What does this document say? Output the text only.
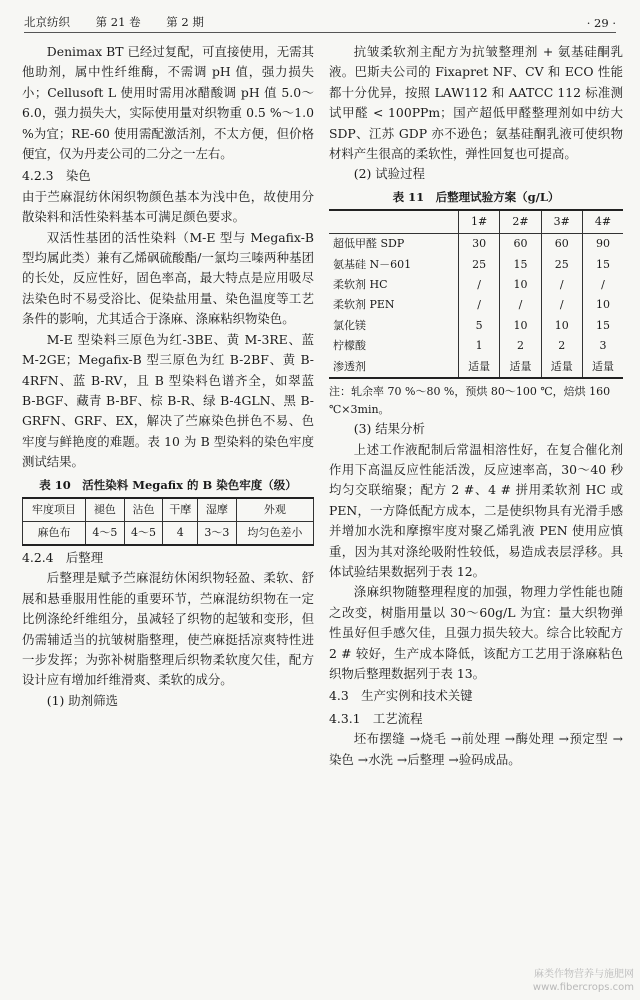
北京纺织 第 21 卷 第 2 期	· 29 ·

Denimax BT 已经过复配，可直接使用，无需其他助剂，属中性纤维酶，不需调 pH 值，强力损失小；Cellusoft L 使用时需用冰醋酸调 pH 值 5.0～6.0，强力损失大，实际使用量对织物重 0.5 %～1.0 %为宜；RE-60 使用需配激活剂，不太方便，但价格便宜，仅为丹麦公司的二分之一左右。

4.2.3　染色

由于苎麻混纺休闲织物颜色基本为浅中色，故使用分散染料和活性染料基本可满足颜色要求。

双活性基团的活性染料（M-E 型与 Megafix-B 型均属此类）兼有乙烯砜硫酸酯/一氯均三嗪两种基团的长处，反应性好，固色率高，最大特点是应用吸尽法染色时不易受浴比、促染盐用量、染色温度等工艺条件的影响，尤其适合于涤麻、涤麻粘织物染色。

M-E 型染料三原色为红-3BE、黄 M-3RE、蓝 M-2GE；Megafix-B 型三原色为红 B-2BF、黄 B-4RFN、蓝 B-RV，且 B 型染料色谱齐全，如翠蓝 B-BGF、藏青 B-BF、棕 B-R、绿 B-4GLN、黑 B-GRFN、GRF、EX，解决了苎麻染色拼色不易、色牢度与鲜艳度的难题。表 10 为 B 型染料的染色牢度测试结果。

表 10　活性染料 Megafix 的 B 染色牢度（级）
牢度项目	褪色	沾色	干摩	湿摩	外观
麻色布	4～5	4～5	4	3～3	均匀色差小

4.2.4　后整理

后整理是赋予苎麻混纺休闲织物轻盈、柔软、舒展和悬垂服用性能的重要环节，苎麻混纺织物在一定比例涤纶纤维组分，虽减轻了织物的起皱和变形，但仍需辅适当的抗皱树脂整理，使苎麻挺括凉爽特性进一步发挥；为弥补树脂整理后织物柔软度欠佳，配方设计应有增加纤维滑爽、柔软的成分。

(1) 助剂筛选

抗皱柔软剂主配方为抗皱整理剂 + 氨基硅酮乳液。巴斯夫公司的 Fixapret NF、CV 和 ECO 性能都十分优异，按照 LAW112 和 AATCC 112 标准测试甲醛 < 100PPm；国产超低甲醛整理剂如中纺大 SDP、江苏 GDP 亦不逊色；氨基硅酮乳液可使织物材料产生很高的柔软性，弹性回复也可提高。

(2) 试验过程

表 11　后整理试验方案（g/L）
	1#	2#	3#	4#
超低甲醛 SDP	30	60	60	90
氨基硅 N－601	25	15	25	15
柔软剂 HC	/	10	/	/
柔软剂 PEN	/	/	/	10
氯化镁	5	10	10	15
柠檬酸	1	2	2	3
渗透剂	适量	适量	适量	适量
注：轧余率 70 %～80 %，预烘 80～100 ℃，焙烘 160 ℃×3min。

(3) 结果分析

上述工作液配制后常温相溶性好，在复合催化剂作用下高温反应性能活泼，反应速率高，30～40 秒均匀交联缩聚；配方 2 #、4 # 拼用柔软剂 HC 或 PEN，一方降低配方成本，二是使织物具有光滑手感并增加水洗和摩擦牢度对聚乙烯乳液 PEN 使用应慎重，因为其对涤纶吸附性较低，易造成表层浮移。具体试验结果数据列于表 12。

涤麻织物随整理程度的加强，物理力学性能也随之改变，树脂用量以 30～60g/L 为宜：量大织物弹性虽好但手感欠佳，且强力损失较大。综合比较配方 2 # 较好，生产成本降低，该配方工艺用于涤麻粘色织物后整理数据列于表 13。

4.3　生产实例和技术关键

4.3.1　工艺流程

坯布摆缝 →烧毛 →前处理 →酶处理 →预定型 →染色 →水洗 →后整理 →验码成品。

麻类作物营养与施肥网
www.fibercrops.com
